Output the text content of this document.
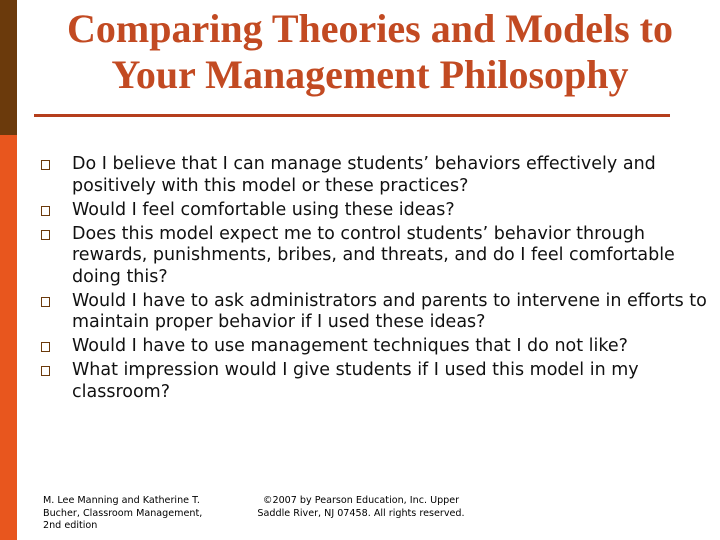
Comparing Theories and Models to Your Management Philosophy
Do I believe that I can manage students’ behaviors effectively and positively with this model or these practices?
Would I feel comfortable using these ideas?
Does this model expect me to control students’ behavior through rewards, punishments, bribes, and threats, and do I feel comfortable doing this?
Would I have to ask administrators and parents to intervene in efforts to maintain proper behavior if I used these ideas?
Would I have to use management techniques that I do not like?
What impression would I give students if I used this model in my classroom?
M. Lee Manning and Katherine T. Bucher, Classroom Management, 2nd edition
©2007 by Pearson Education, Inc. Upper Saddle River, NJ 07458. All rights reserved.
